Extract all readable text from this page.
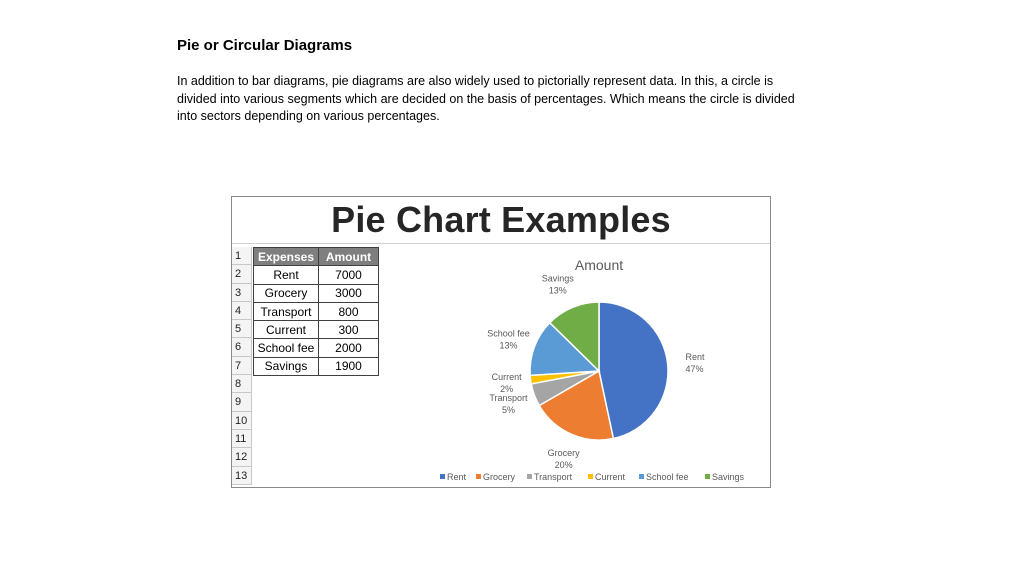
Pie or Circular Diagrams

In addition to bar diagrams, pie diagrams are also widely used to pictorially represent data. In this, a circle is divided into various segments which are decided on the basis of percentages. Which means the circle is divided into sectors depending on various percentages.

Pie Chart Examples
1
2
3
4
5
6
7
8
9
10
11
12
13
Expenses	Amount
Rent	7000
Grocery	3000
Transport	800
Current	300
School fee	2000
Savings	1900
Amount
Rent 47%
Grocery 20%
Transport 5%
Current 2%
School fee 13%
Savings 13%
Rent Grocery Transport	Current School fee	Savings
